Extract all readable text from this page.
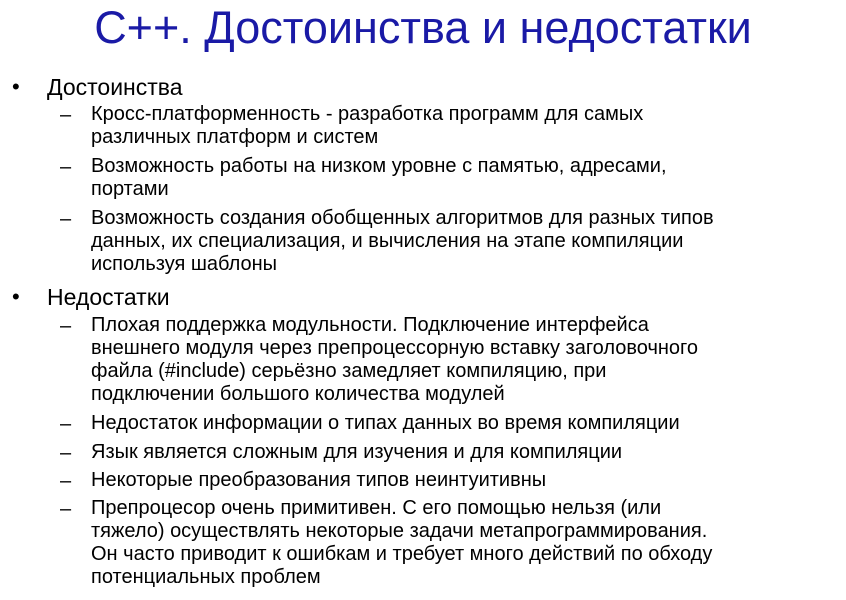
С++. Достоинства и недостатки
• Достоинства
– Кросс-платформенность - разработка программ для самых
различных платформ и систем
– Возможность работы на низком уровне с памятью, адресами,
портами
– Возможность создания обобщенных алгоритмов для разных типов
данных, их специализация, и вычисления на этапе компиляции
используя шаблоны
• Недостатки
– Плохая поддержка модульности. Подключение интерфейса
внешнего модуля через препроцессорную вставку заголовочного
файла (#include) серьёзно замедляет компиляцию, при
подключении большого количества модулей
– Недостаток информации о типах данных во время компиляции
– Язык является сложным для изучения и для компиляции
– Некоторые преобразования типов неинтуитивны
– Препроцесор очень примитивен. С его помощью нельзя (или
тяжело) осуществлять некоторые задачи метапрограммирования.
Он часто приводит к ошибкам и требует много действий по обходу
потенциальных проблем
